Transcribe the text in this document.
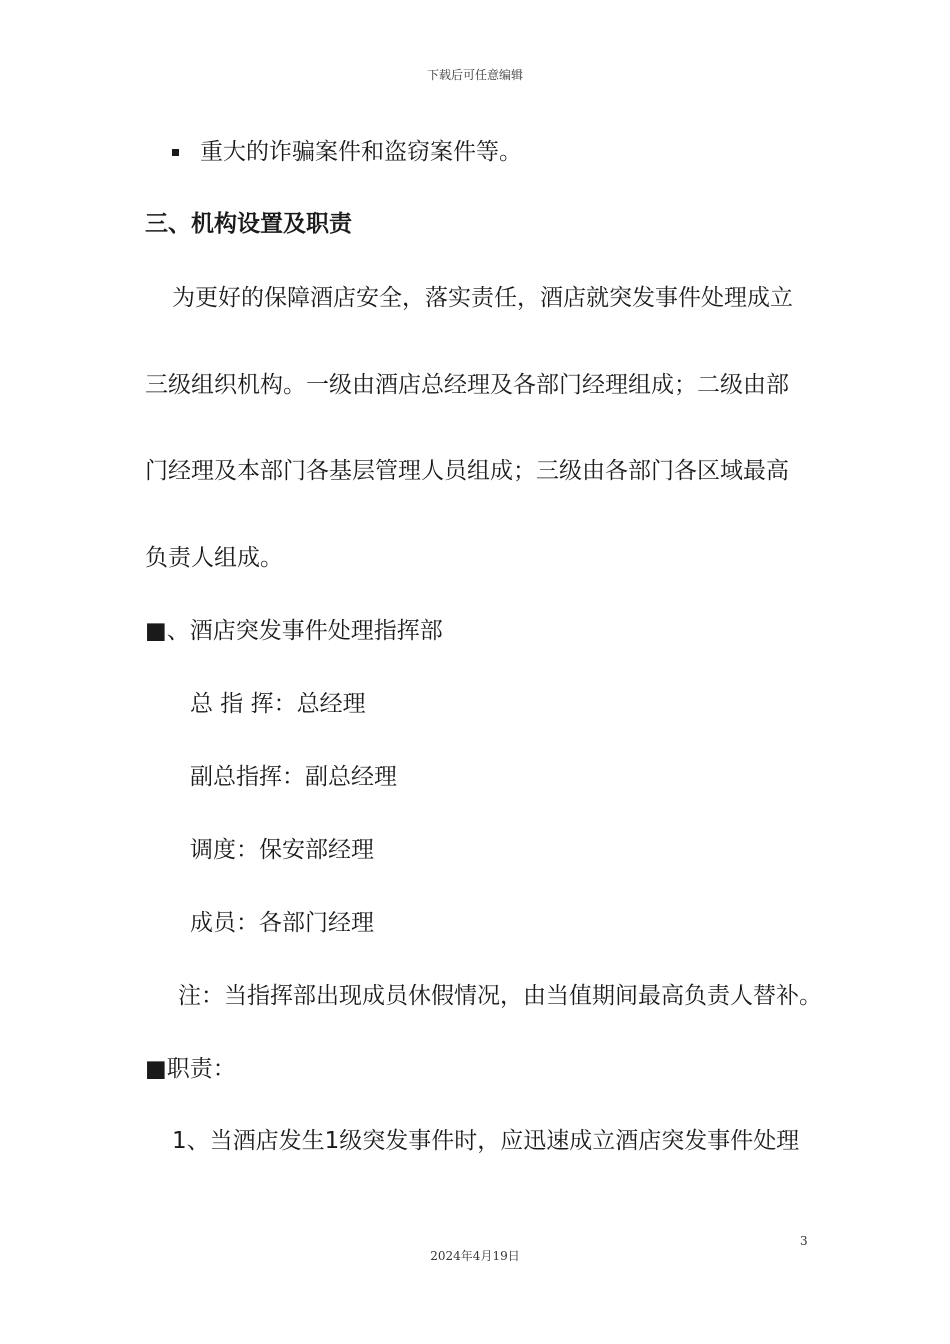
下载后可任意编辑
重大的诈骗案件和盗窃案件等。
三、机构设置及职责
为更好的保障酒店安全，落实责任，酒店就突发事件处理成立
三级组织机构。一级由酒店总经理及各部门经理组成；二级由部
门经理及本部门各基层管理人员组成；三级由各部门各区域最高
负责人组成。
■、酒店突发事件处理指挥部
总 指 挥：总经理
副总指挥：副总经理
调度：保安部经理
成员：各部门经理
注：当指挥部出现成员休假情况，由当值期间最高负责人替补。
■职责：
1、当酒店发生1级突发事件时，应迅速成立酒店突发事件处理
3
2024年4月19日
